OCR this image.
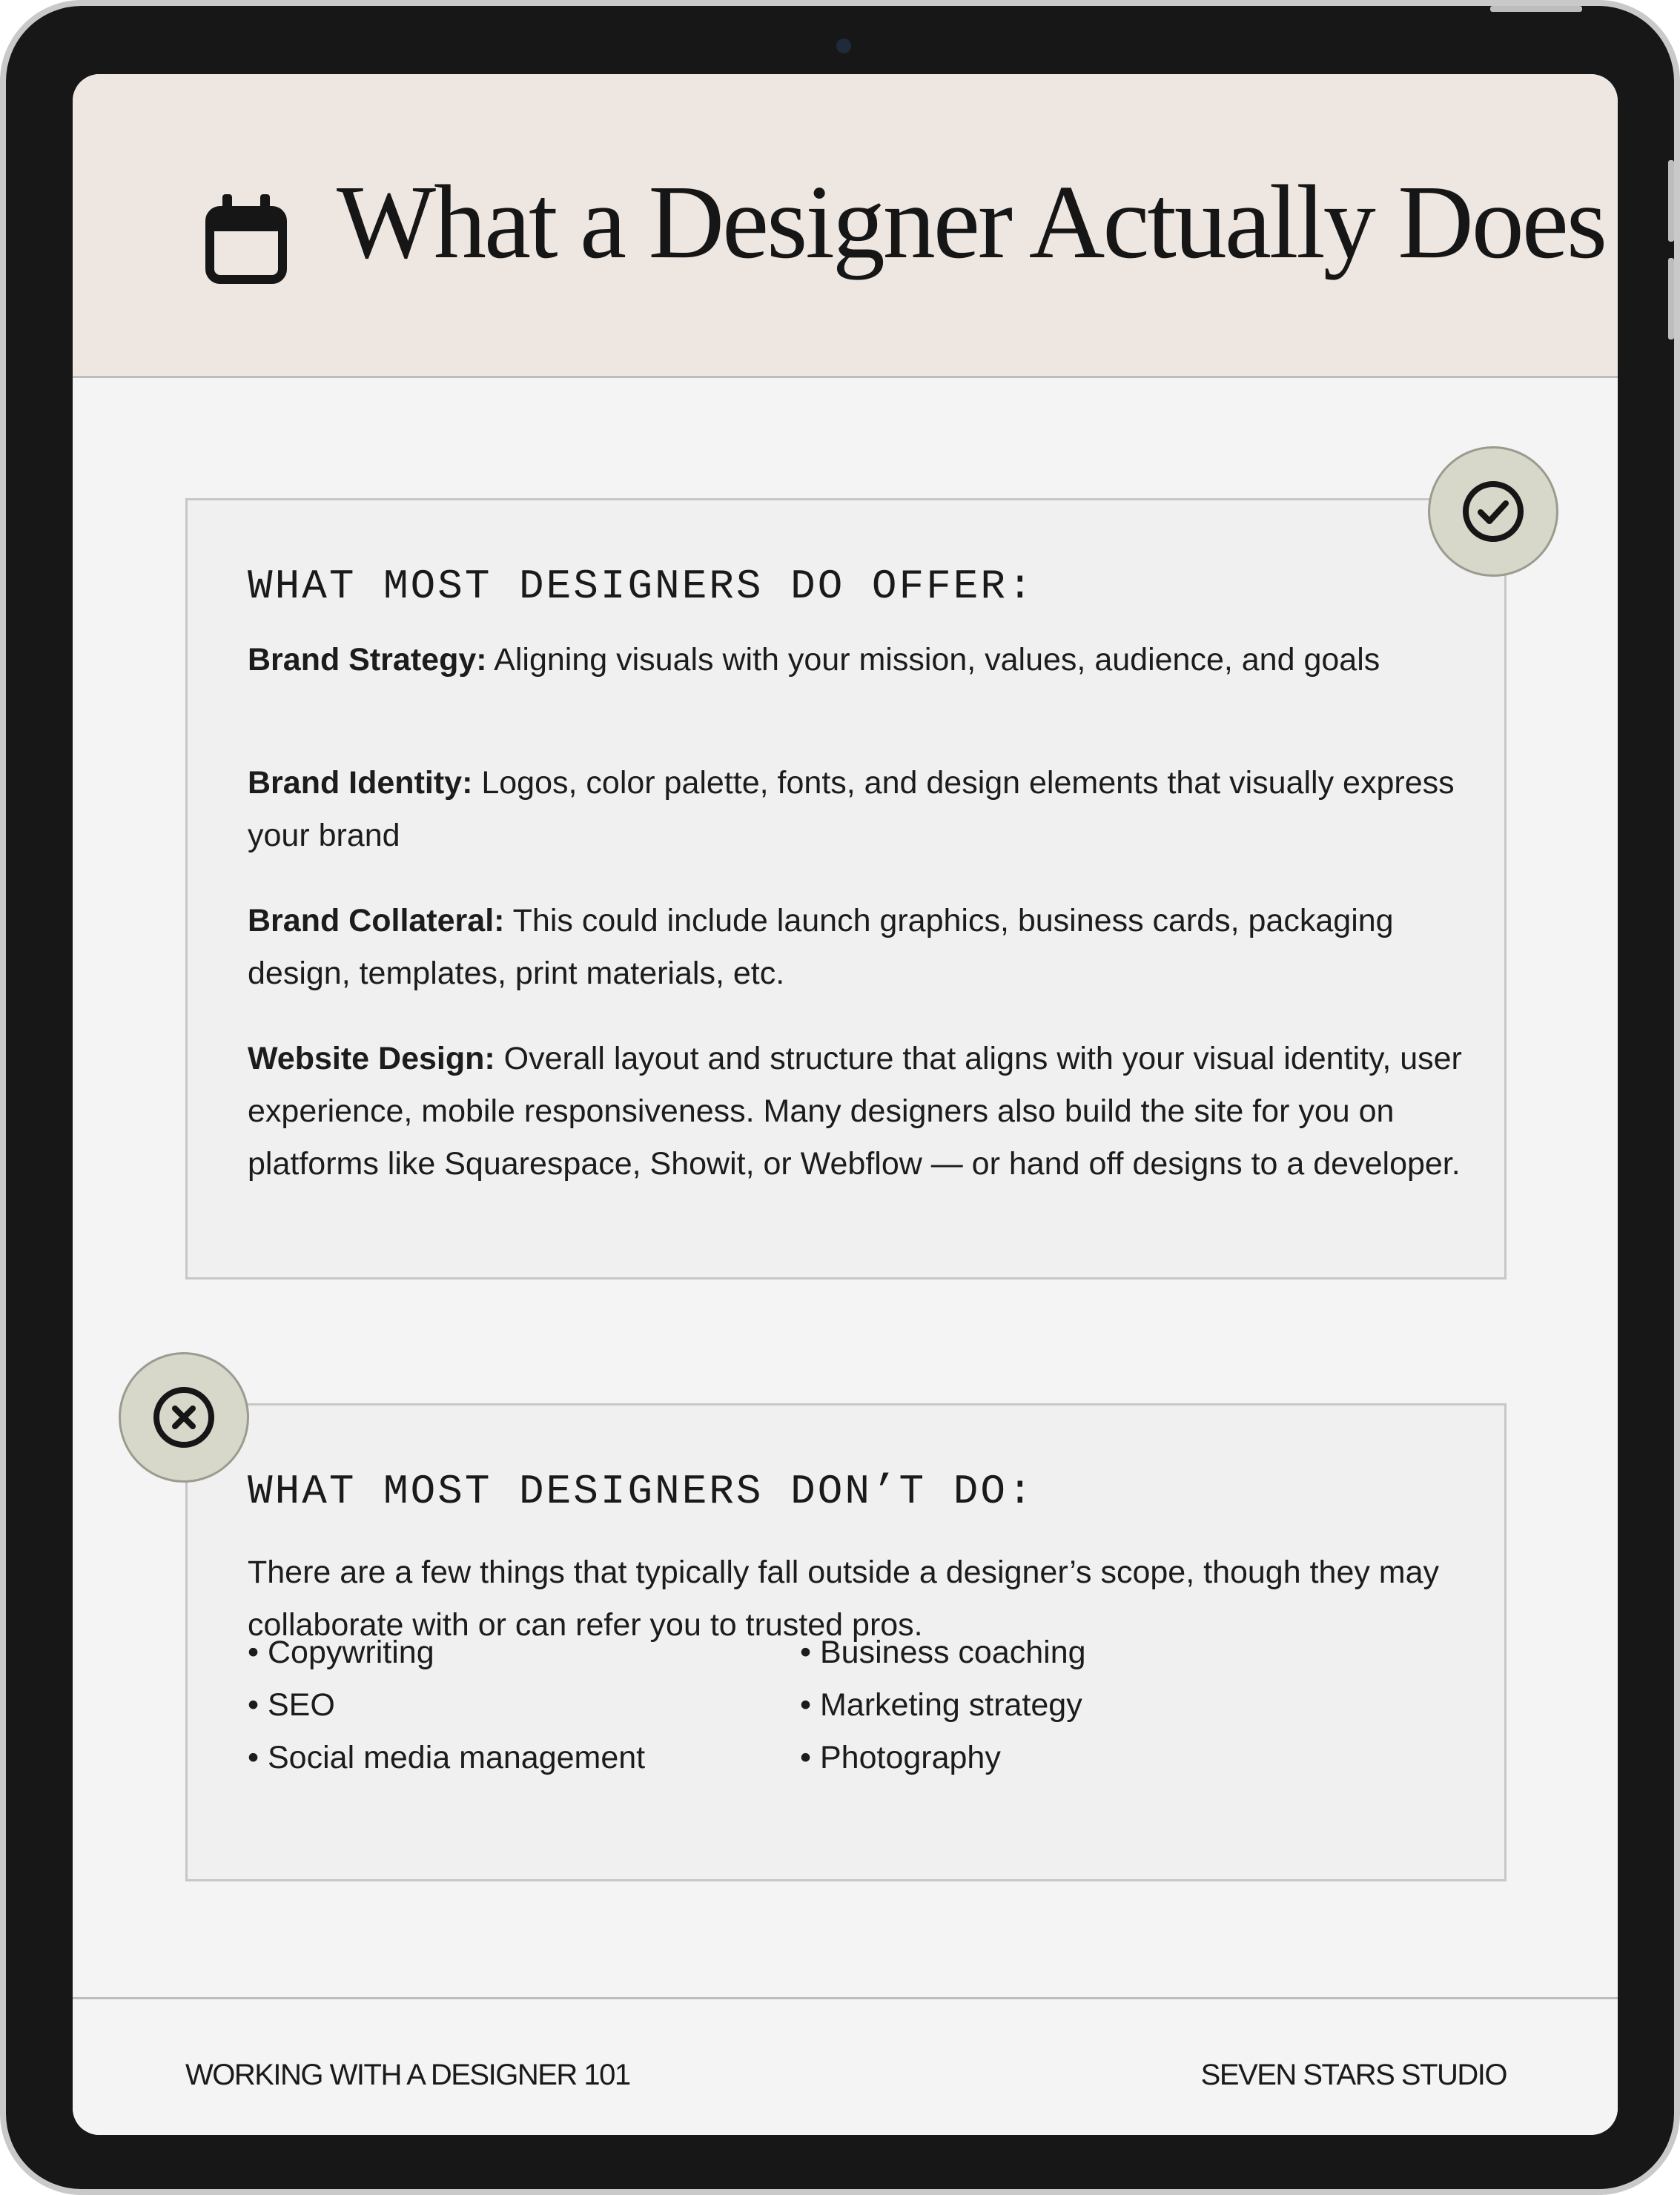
What a Designer Actually Does
WHAT MOST DESIGNERS DO OFFER:
Brand Strategy: Aligning visuals with your mission, values, audience, and goals
Brand Identity: Logos, color palette, fonts, and design elements that visually express your brand
Brand Collateral: This could include launch graphics, business cards, packaging design, templates, print materials, etc.
Website Design: Overall layout and structure that aligns with your visual identity, user experience, mobile responsiveness. Many designers also build the site for you on platforms like Squarespace, Showit, or Webflow — or hand off designs to a developer.
WHAT MOST DESIGNERS DON’T DO:
There are a few things that typically fall outside a designer’s scope, though they may collaborate with or can refer you to trusted pros.
• Copywriting
• SEO
• Social media management
• Business coaching
• Marketing strategy
• Photography
WORKING WITH A DESIGNER 101	SEVEN STARS STUDIO
